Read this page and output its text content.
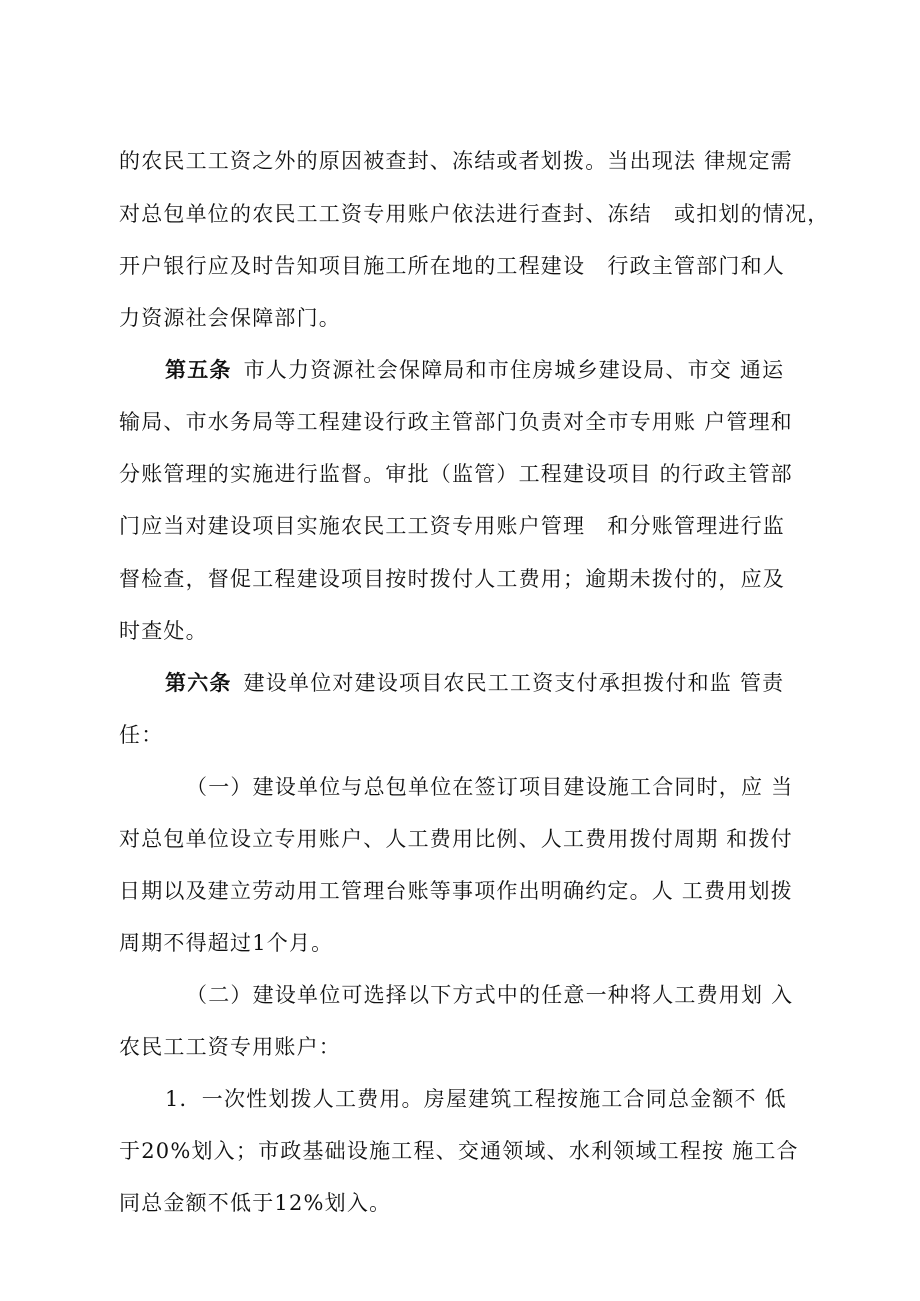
的农民工工资之外的原因被查封、冻结或者划拨。当出现法 律规定需
对总包单位的农民工工资专用账户依法进行查封、冻结　或扣划的情况，
开户银行应及时告知项目施工所在地的工程建设　行政主管部门和人
力资源社会保障部门。
第五条 市人力资源社会保障局和市住房城乡建设局、市交 通运
输局、市水务局等工程建设行政主管部门负责对全市专用账 户管理和
分账管理的实施进行监督。审批（监管）工程建设项目 的行政主管部
门应当对建设项目实施农民工工资专用账户管理　和分账管理进行监
督检查，督促工程建设项目按时拨付人工费用；逾期未拨付的，应及
时查处。
第六条 建设单位对建设项目农民工工资支付承担拨付和监 管责
任：
（一）建设单位与总包单位在签订项目建设施工合同时，应 当
对总包单位设立专用账户、人工费用比例、人工费用拨付周期 和拨付
日期以及建立劳动用工管理台账等事项作出明确约定。人 工费用划拨
周期不得超过1个月。
（二）建设单位可选择以下方式中的任意一种将人工费用划 入
农民工工资专用账户：
1．一次性划拨人工费用。房屋建筑工程按施工合同总金额不 低
于20%划入；市政基础设施工程、交通领域、水利领域工程按 施工合
同总金额不低于12%划入。
